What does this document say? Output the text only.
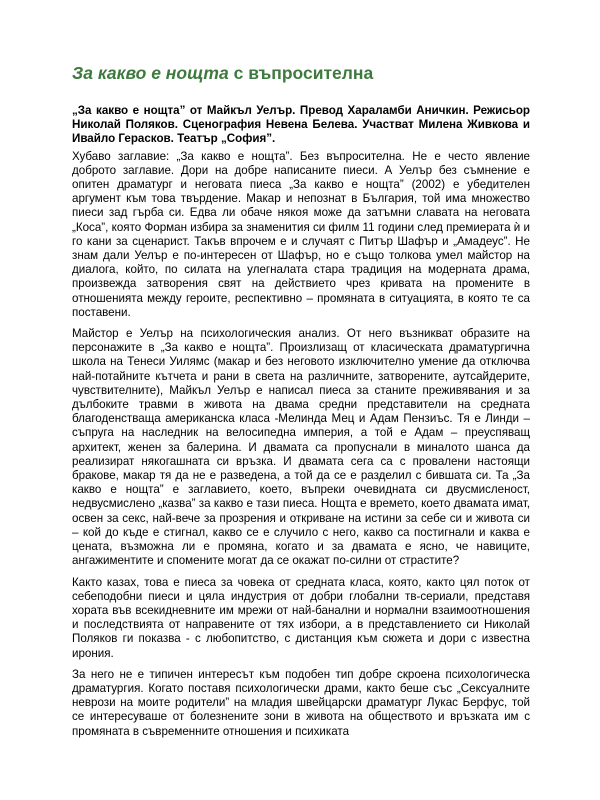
За какво е нощта с въпросителна

„За какво е нощта” от Майкъл Уелър. Превод Хараламби Аничкин. Режисьор Николай Поляков. Сценография Невена Белева. Участват Милена Живкова и Ивайло Герасков. Театър „София”.

Хубаво заглавие: „За какво е нощта”. Без въпросителна. Не е често явление доброто заглавие. Дори на добре написаните пиеси. А Уелър без съмнение е опитен драматург и неговата пиеса „За какво е нощта” (2002) е убедителен аргумент към това твърдение. Макар и непознат в България, той има множество пиеси зад гърба си. Едва ли обаче някоя може да затъмни славата на неговата „Коса”, която Форман избира за знаменития си филм 11 години след премиерата ѝ и го кани за сценарист. Такъв впрочем е и случаят с Питър Шафър и „Амадеус”. Не знам дали Уелър е по-интересен от Шафър, но е също толкова умел майстор на диалога, който, по силата на улегналата стара традиция на модерната драма, произвежда затворения свят на действието чрез кривата на промените в отношенията между героите, респективно – промяната в ситуацията, в която те са поставени.

Майстор е Уелър на психологическия анализ. От него възникват образите на персонажите в „За какво е нощта”. Произлизащ от класическата драматургична школа на Тенеси Уилямс (макар и без неговото изключително умение да отключва най-потайните кътчета и рани в света на различните, затворените, аутсайдерите, чувствителните), Майкъл Уелър е написал пиеса за станите преживявания и за дълбоките травми в живота на двама средни представители на средната благоденстваща американска класа -Мелинда Мец и Адам Пензиъс. Тя е Линди – съпруга на наследник на велосипедна империя, а той е Адам – преуспяващ архитект, женен за балерина. И двамата са пропуснали в миналото шанса да реализират някогашната си връзка. И двамата сега са с провалени настоящи бракове, макар тя да не е разведена, а той да се е разделил с бившата си. Та „За какво е нощта” е заглавието, което, въпреки очевидната си двусмисленост, недвусмислено „казва” за какво е тази пиеса. Нощта е времето, което двамата имат, освен за секс, най-вече за прозрения и откриване на истини за себе си и живота си – кой до къде е стигнал, какво се е случило с него, какво са постигнали и каква е цената, възможна ли е промяна, когато и за двамата е ясно, че навиците, ангажиментите и спомените могат да се окажат по-силни от страстите?

Както казах, това е пиеса за човека от средната класа, която, както цял поток от себеподобни пиеси и цяла индустрия от добри глобални тв-сериали, представя хората във всекидневните им мрежи от най-банални и нормални взаимоотношения и последствията от направените от тях избори, а в представлението си Николай Поляков ги показва - с любопитство, с дистанция към сюжета и дори с известна ирония.

За него не е типичен интересът към подобен тип добре скроена психологическа драматургия. Когато поставя психологически драми, както беше със „Сексуалните неврози на моите родители” на младия швейцарски драматург Лукас Берфус, той се интересуваше от болезнените зони в живота на обществото и връзката им с промяната в съвременните отношения и психиката
